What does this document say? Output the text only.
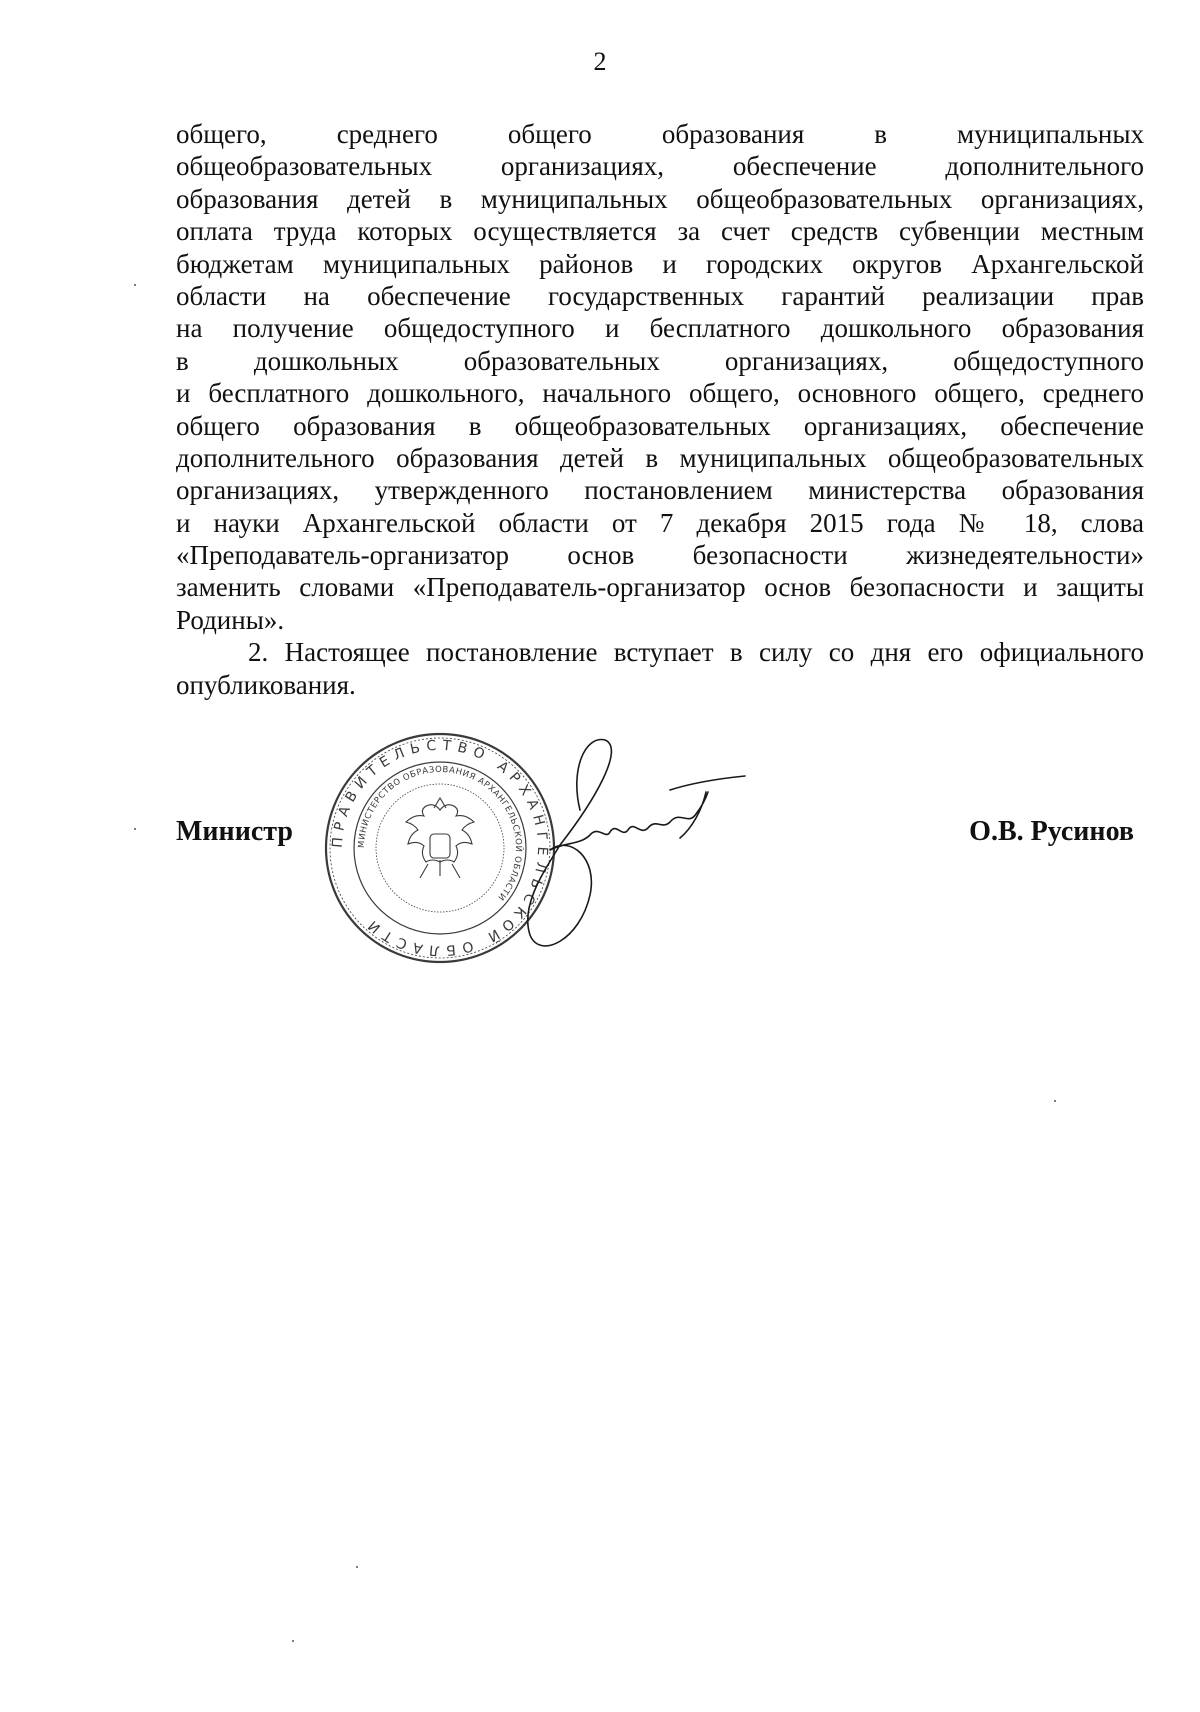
2
общего, среднего общего образования в муниципальных
общеобразовательных организациях, обеспечение дополнительного
образования детей в муниципальных общеобразовательных организациях,
оплата труда которых осуществляется за счет средств субвенции местным
бюджетам муниципальных районов и городских округов Архангельской
области на обеспечение государственных гарантий реализации прав
на получение общедоступного и бесплатного дошкольного образования
в дошкольных образовательных организациях, общедоступного
и бесплатного дошкольного, начального общего, основного общего, среднего
общего образования в общеобразовательных организациях, обеспечение
дополнительного образования детей в муниципальных общеобразовательных
организациях, утвержденного постановлением министерства образования
и науки Архангельской области от 7 декабря 2015 года № 18, слова
«Преподаватель-организатор основ безопасности жизнедеятельности»
заменить словами «Преподаватель-организатор основ безопасности и защиты
Родины».
2. Настоящее постановление вступает в силу со дня его официального
опубликования.
ПРАВИТЕЛЬСТВО АРХАНГЕЛЬСКОЙ ОБЛАСТИ
МИНИСТЕРСТВО ОБРАЗОВАНИЯ АРХАНГЕЛЬСКОЙ ОБЛАСТИ
Министр	О.В. Русинов
